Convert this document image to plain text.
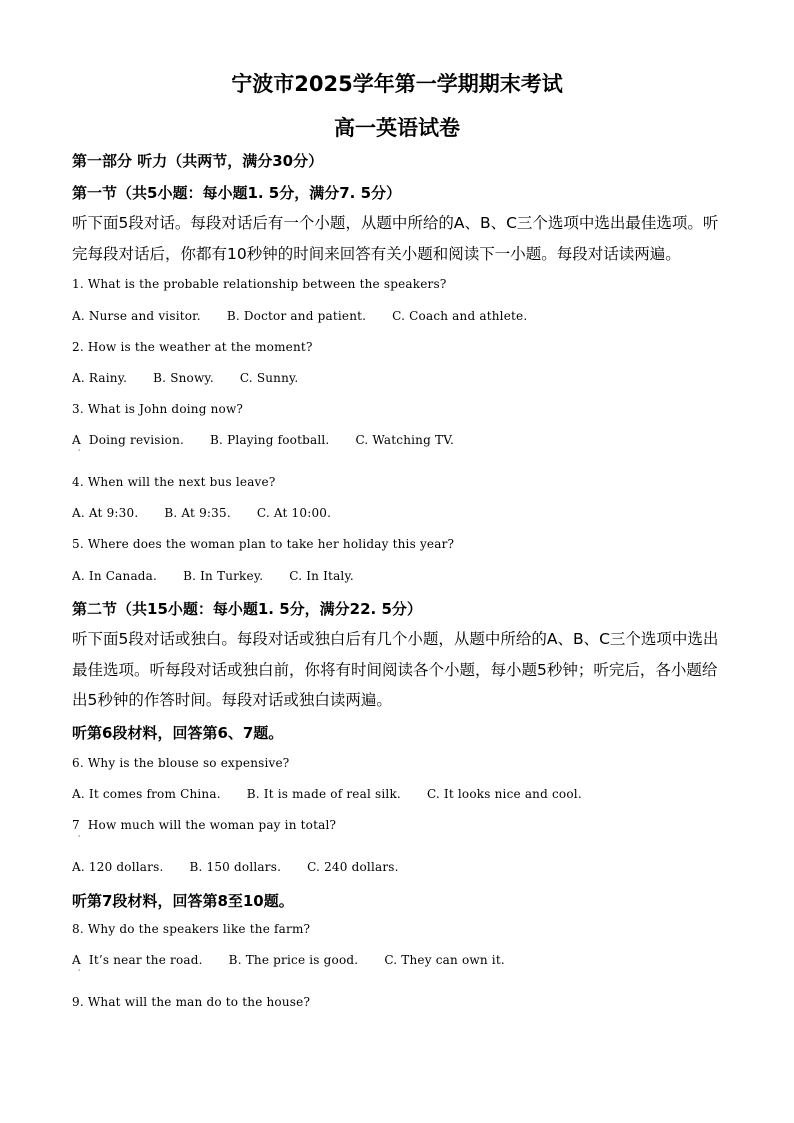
宁波市2025学年第一学期期末考试
高一英语试卷
第一部分 听力（共两节，满分30分）
第一节（共5小题：每小题1. 5分，满分7. 5分）
听下面5段对话。每段对话后有一个小题，从题中所给的A、B、C三个选项中选出最佳选项。听完每段对话后，你都有10秒钟的时间来回答有关小题和阅读下一小题。每段对话读两遍。
1. What is the probable relationship between the speakers?
A. Nurse and visitor. B. Doctor and patient. C. Coach and athlete.
2. How is the weather at the moment?
A. Rainy. B. Snowy. C. Sunny.
3. What is John doing now?
A  Doing revision. B. Playing football. C. Watching TV.
'
4. When will the next bus leave?
A. At 9:30. B. At 9:35. C. At 10:00.
5. Where does the woman plan to take her holiday this year?
A. In Canada. B. In Turkey. C. In Italy.
第二节（共15小题：每小题1. 5分，满分22. 5分）
听下面5段对话或独白。每段对话或独白后有几个小题，从题中所给的A、B、C三个选项中选出最佳选项。听每段对话或独白前，你将有时间阅读各个小题，每小题5秒钟；听完后，各小题给出5秒钟的作答时间。每段对话或独白读两遍。
听第6段材料，回答第6、7题。
6. Why is the blouse so expensive?
A. It comes from China. B. It is made of real silk. C. It looks nice and cool.
7  How much will the woman pay in total?
'
A. 120 dollars. B. 150 dollars. C. 240 dollars.
听第7段材料，回答第8至10题。
8. Why do the speakers like the farm?
A  It’s near the road. B. The price is good. C. They can own it.
'
9. What will the man do to the house?
